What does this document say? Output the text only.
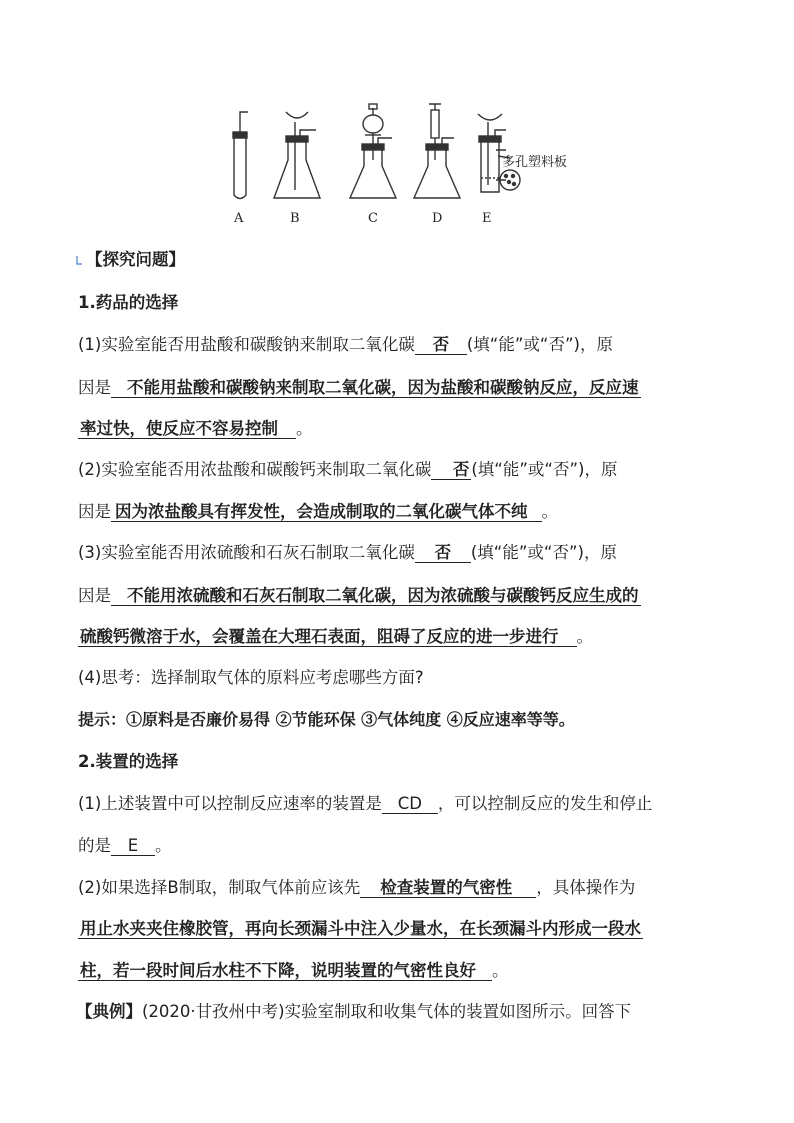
A	B	C	D	E
多孔塑料板
【探究问题】
1.药品的选择
(1)实验室能否用盐酸和碳酸钠来制取二氧化碳 否 (填“能”或“否”)，原
因是 不能用盐酸和碳酸钠来制取二氧化碳，因为盐酸和碳酸钠反应，反应速
率过快，使反应不容易控制 。
(2)实验室能否用浓盐酸和碳酸钙来制取二氧化碳 否 (填“能”或“否”)，原
因是 因为浓盐酸具有挥发性，会造成制取的二氧化碳气体不纯 。
(3)实验室能否用浓硫酸和石灰石制取二氧化碳 否 (填“能”或“否”)，原
因是 不能用浓硫酸和石灰石制取二氧化碳，因为浓硫酸与碳酸钙反应生成的
硫酸钙微溶于水，会覆盖在大理石表面，阻碍了反应的进一步进行 。
(4)思考：选择制取气体的原料应考虑哪些方面?
提示：①原料是否廉价易得 ②节能环保 ③气体纯度 ④反应速率等等。
2.装置的选择
(1)上述装置中可以控制反应速率的装置是 CD ，可以控制反应的发生和停止
的是 E 。
(2)如果选择B制取，制取气体前应该先 检查装置的气密性 ，具体操作为
用止水夹夹住橡胶管，再向长颈漏斗中注入少量水，在长颈漏斗内形成一段水
柱，若一段时间后水柱不下降，说明装置的气密性良好 。
【典例】(2020·甘孜州中考)实验室制取和收集气体的装置如图所示。回答下
